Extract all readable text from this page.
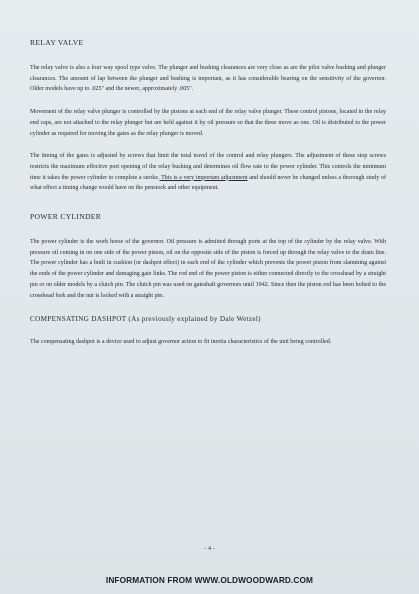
RELAY VALVE

The relay valve is also a four way spool type valve. The plunger and bushing clearances are very close as are the pilot valve bushing and plunger clearances. The amount of lap between the plunger and bushing is important, as it has considerable bearing on the sensitivity of the governor. Older models have up to .025" and the newer, approximately .005".

Movement of the relay valve plunger is controlled by the pistons at each end of the relay valve plunger. These control pistons, located in the relay end caps, are not attached to the relay plunger but are held against it by oil pressure so that the three move as one. Oil is distributed to the power cylinder as required for moving the gates as the relay plunger is moved.

The timing of the gates is adjusted by screws that limit the total travel of the control and relay plungers. The adjustment of these stop screws restricts the maximum effective port opening of the relay bushing and determines oil flow rate to the power cylinder. This controls the minimum time it takes the power cylinder to complete a stroke. This is a very important adjustment and should never be changed unless a thorough study of what effect a timing change would have on the penstock and other equipment.

POWER CYLINDER

The power cylinder is the work horse of the governor. Oil pressure is admitted through ports at the top of the cylinder by the relay valve. With pressure oil coming in on one side of the power piston, oil on the opposite side of the piston is forced up through the relay valve to the drain line. The power cylinder has a built in cushion (or dashpot effect) in each end of the cylinder which prevents the power piston from slamming against the ends of the power cylinder and damaging gate links. The rod end of the power piston is either connected directly to the crosshead by a straight pin or on older models by a clutch pin. The clutch pin was used on gateshaft governors until 1942. Since then the piston rod has been bolted to the crosshead fork and the nut is locked with a straight pin.

COMPENSATING DASHPOT (As previously explained by Dale Wetzel)

The compensating dashpot is a device used to adjust governor action to fit inertia characteristics of the unit being controlled.

- 4 -
INFORMATION FROM WWW.OLDWOODWARD.COM
